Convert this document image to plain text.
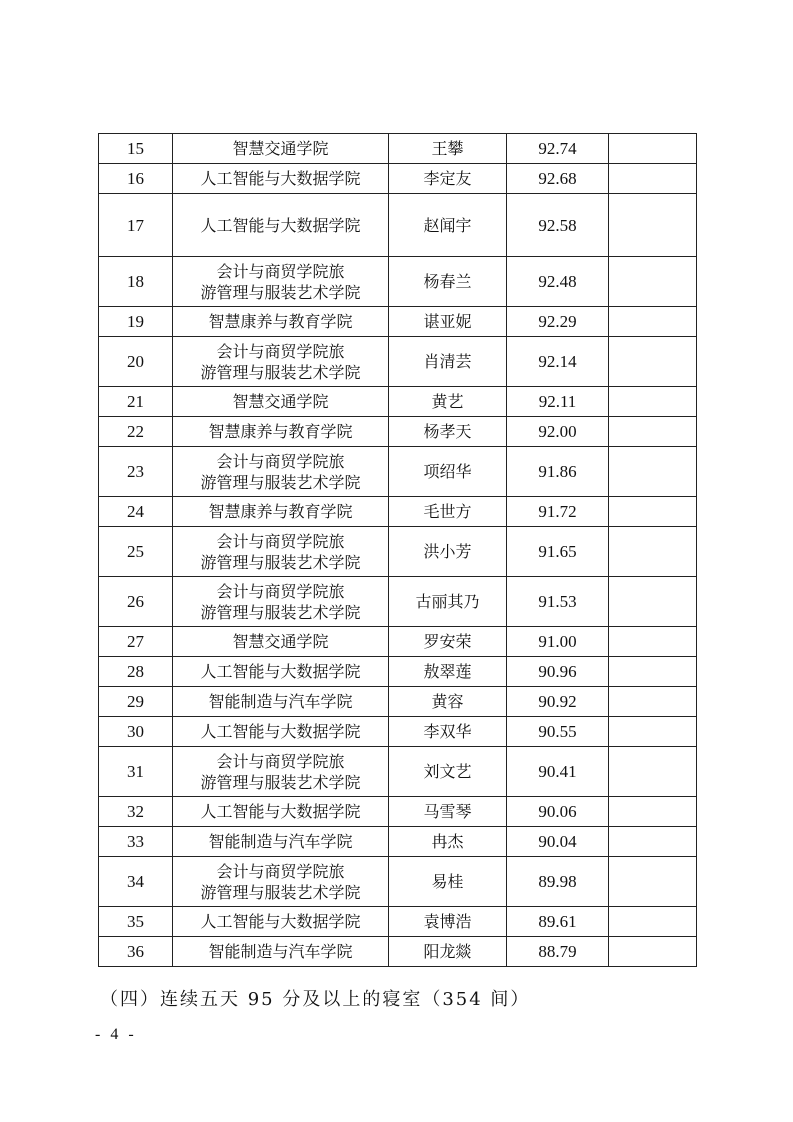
15	智慧交通学院	王攀	92.74	
16	人工智能与大数据学院	李定友	92.68	
17	人工智能与大数据学院	赵闻宇	92.58	
18	会计与商贸学院旅
游管理与服装艺术学院	杨春兰	92.48	
19	智慧康养与教育学院	谌亚妮	92.29	
20	会计与商贸学院旅
游管理与服装艺术学院	肖清芸	92.14	
21	智慧交通学院	黄艺	92.11	
22	智慧康养与教育学院	杨孝天	92.00	
23	会计与商贸学院旅
游管理与服装艺术学院	项绍华	91.86	
24	智慧康养与教育学院	毛世方	91.72	
25	会计与商贸学院旅
游管理与服装艺术学院	洪小芳	91.65	
26	会计与商贸学院旅
游管理与服装艺术学院	古丽其乃	91.53	
27	智慧交通学院	罗安荣	91.00	
28	人工智能与大数据学院	敖翠莲	90.96	
29	智能制造与汽车学院	黄容	90.92	
30	人工智能与大数据学院	李双华	90.55	
31	会计与商贸学院旅
游管理与服装艺术学院	刘文艺	90.41	
32	人工智能与大数据学院	马雪琴	90.06	
33	智能制造与汽车学院	冉杰	90.04	
34	会计与商贸学院旅
游管理与服装艺术学院	易桂	89.98	
35	人工智能与大数据学院	袁博浩	89.61	
36	智能制造与汽车学院	阳龙燚	88.79	
（四）连续五天 95 分及以上的寝室（354 间）
- 4 -
